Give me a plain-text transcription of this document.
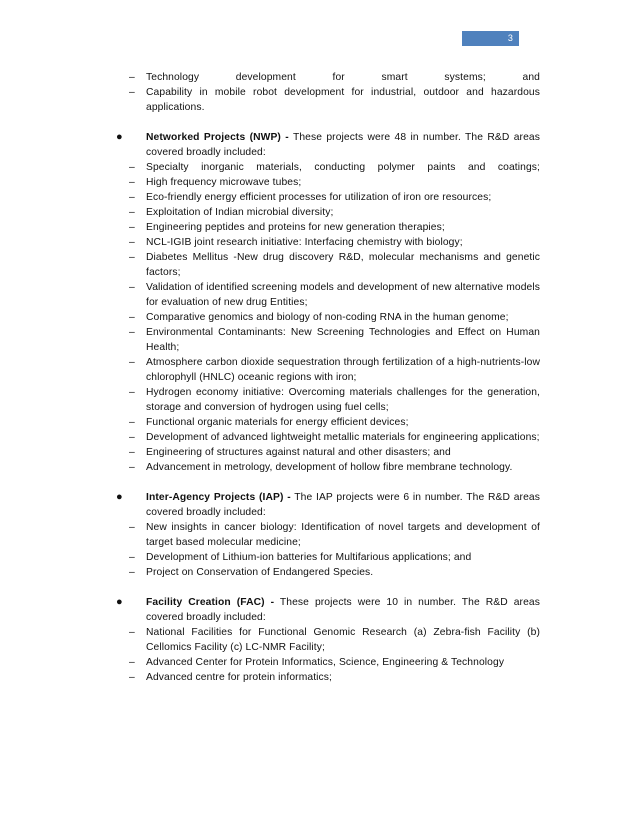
3
– Technology development for smart systems; and
– Capability in mobile robot development for industrial, outdoor and hazardous applications.
● Networked Projects (NWP) - These projects were 48 in number. The R&D areas covered broadly included:
– Specialty inorganic materials, conducting polymer paints and coatings;
– High frequency microwave tubes;
– Eco-friendly energy efficient processes for utilization of iron ore resources;
– Exploitation of Indian microbial diversity;
– Engineering peptides and proteins for new generation therapies;
– NCL-IGIB joint research initiative: Interfacing chemistry with biology;
– Diabetes Mellitus -New drug discovery R&D, molecular mechanisms and genetic factors;
– Validation of identified screening models and development of new alternative models for evaluation of new drug Entities;
– Comparative genomics and biology of non-coding RNA in the human genome;
– Environmental Contaminants: New Screening Technologies and Effect on Human Health;
– Atmosphere carbon dioxide sequestration through fertilization of a high-nutrients-low chlorophyll (HNLC) oceanic regions with iron;
– Hydrogen economy initiative: Overcoming materials challenges for the generation, storage and conversion of hydrogen using fuel cells;
– Functional organic materials for energy efficient devices;
– Development of advanced lightweight metallic materials for engineering applications;
– Engineering of structures against natural and other disasters; and
– Advancement in metrology, development of hollow fibre membrane technology.
● Inter-Agency Projects (IAP) - The IAP projects were 6 in number. The R&D areas covered broadly included:
– New insights in cancer biology: Identification of novel targets and development of target based molecular medicine;
– Development of Lithium-ion batteries for Multifarious applications; and
– Project on Conservation of Endangered Species.
● Facility Creation (FAC) - These projects were 10 in number. The R&D areas covered broadly included:
– National Facilities for Functional Genomic Research (a) Zebra-fish Facility (b) Cellomics Facility (c) LC-NMR Facility;
– Advanced Center for Protein Informatics, Science, Engineering & Technology
– Advanced centre for protein informatics;
